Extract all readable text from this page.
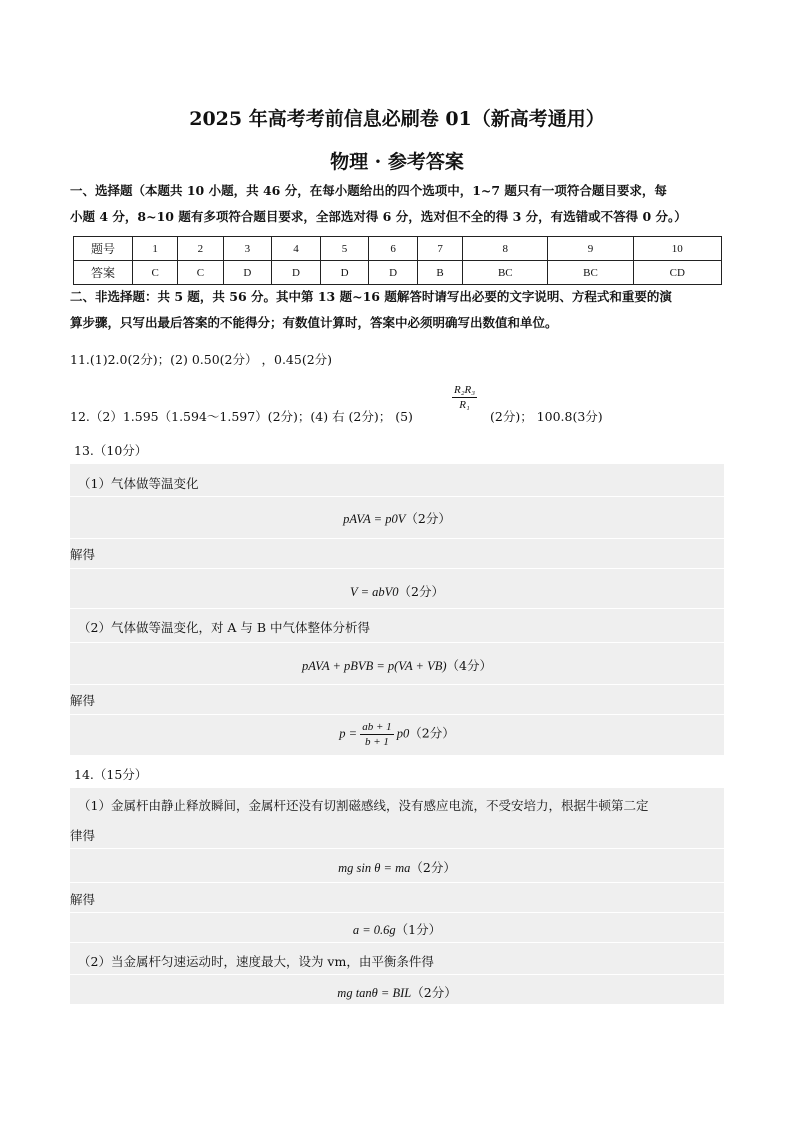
2025 年高考考前信息必刷卷 01（新高考通用）
物理 · 参考答案
一、选择题（本题共 10 小题，共 46 分，在每小题给出的四个选项中，1~7 题只有一项符合题目要求，每
小题 4 分，8~10 题有多项符合题目要求，全部选对得 6 分，选对但不全的得 3 分，有选错或不答得 0 分。）
题号	1	2	3	4	5	6	7	8	9	10
答案	C	C	D	D	D	D	B	BC	BC	CD
二、非选择题：共 5 题，共 56 分。其中第 13 题~16 题解答时请写出必要的文字说明、方程式和重要的演
算步骤，只写出最后答案的不能得分；有数值计算时，答案中必须明确写出数值和单位。
11.(1)2.0(2分)；(2) 0.50(2分） ，0.45(2分)
12.（2）1.595（1.594～1.597）(2分)；(4) 右 (2分)； (5)
$\frac{\text{R₂R₃}}{\text{R₁}}$
(2分)； 100.8(3分)
13.（10分）
（1）气体做等温变化
pAVA = p0V（2分）
解得
V = abV0（2分）
（2）气体做等温变化，对 A 与 B 中气体整体分析得
pAVA + pBVB = p(VA + VB)（4分）
解得
$p = \frac{ab + 1}{b + 1} p0(2$分）
14.（15分）
（1）金属杆由静止释放瞬间，金属杆还没有切割磁感线，没有感应电流，不受安培力，根据牛顿第二定
律得
mg sin θ = ma（2分）
解得
a = 0.6g（1分）
（2）当金属杆匀速运动时，速度最大，设为 vm，由平衡条件得
mg tanθ = BIL（2分）
